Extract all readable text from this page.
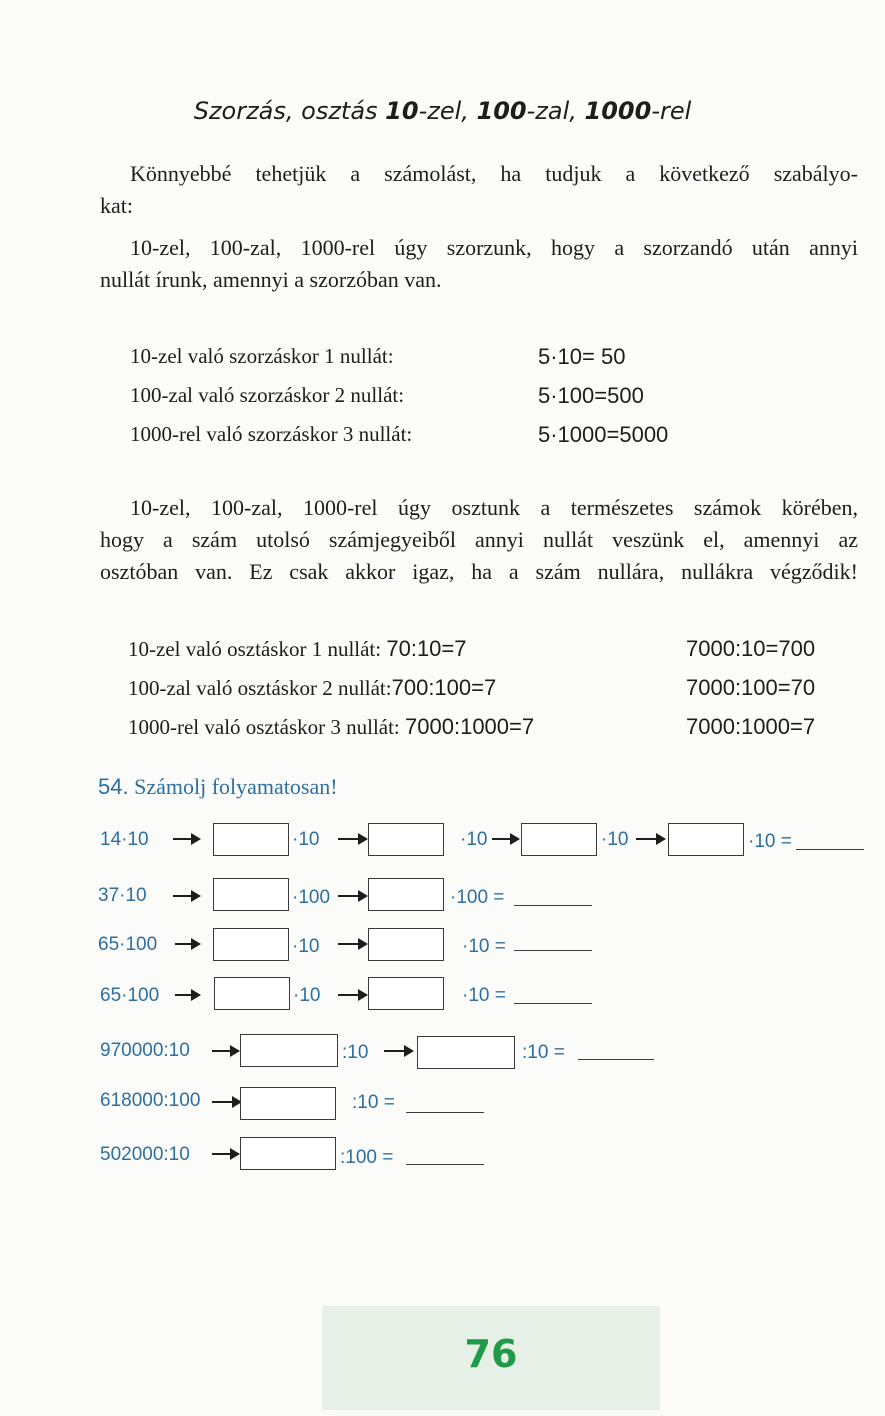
Szorzás, osztás 10-zel, 100-zal, 1000-rel
Könnyebbé tehetjük a számolást, ha tudjuk a következő szabályo-
kat:
10-zel, 100-zal, 1000-rel úgy szorzunk, hogy a szorzandó után annyi
nullát írunk, amennyi a szorzóban van.
10-zel való szorzáskor 1 nullát:	5·10= 50
100-zal való szorzáskor 2 nullát:	5·100=500
1000-rel való szorzáskor 3 nullát:	5·1000=5000
10-zel, 100-zal, 1000-rel úgy osztunk a természetes számok körében,
hogy a szám utolsó számjegyeiből annyi nullát veszünk el, amennyi az
osztóban van. Ez csak akkor igaz, ha a szám nullára, nullákra végződik!
10-zel való osztáskor 1 nullát: 70:10=7	7000:10=700
100-zal való osztáskor 2 nullát:700:100=7	7000:100=70
1000-rel való osztáskor 3 nullát: 7000:1000=7	7000:1000=7
54. Számolj folyamatosan!
14·10	·10	·10	·10	·10 =
37·10	·100	·100 =
65·100	·10	·10 =
65·100	·10	·10 =
970000:10	:10	:10 =
618000:100	:10 =
502000:10	:100 =
76
